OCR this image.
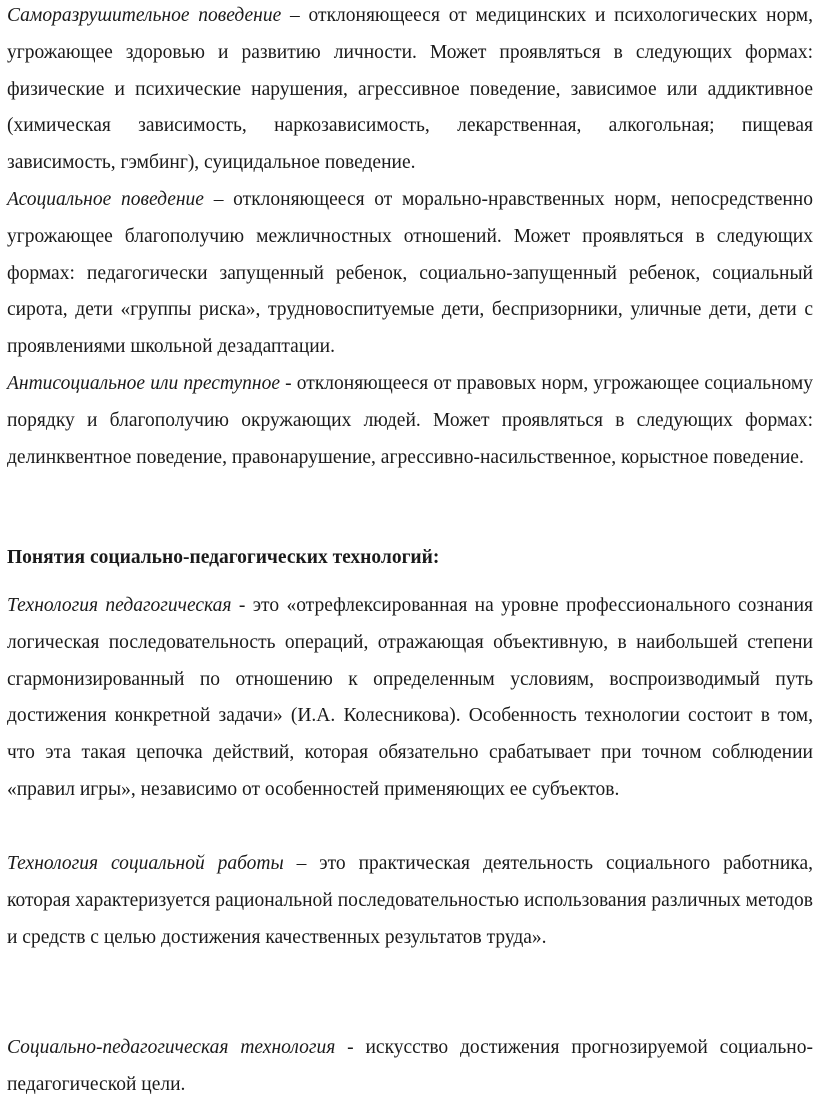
Саморазрушительное поведение – отклоняющееся от медицинских и психологических норм, угрожающее здоровью и развитию личности. Может проявляться в следующих формах: физические и психические нарушения, агрессивное поведение, зависимое или аддиктивное (химическая зависимость, наркозависимость, лекарственная, алкогольная; пищевая зависимость, гэмбинг), суицидальное поведение.

Асоциальное поведение – отклоняющееся от морально-нравственных норм, непосредственно угрожающее благополучию межличностных отношений. Может проявляться в следующих формах: педагогически запущенный ребенок, социально-запущенный ребенок, социальный сирота, дети «группы риска», трудновоспитуемые дети, беспризорники, уличные дети, дети с проявлениями школьной дезадаптации.

Антисоциальное или преступное - отклоняющееся от правовых норм, угрожающее социальному порядку и благополучию окружающих людей. Может проявляться в следующих формах: делинквентное поведение, правонарушение, агрессивно-насильственное, корыстное поведение.

Понятия социально-педагогических технологий:

Технология педагогическая - это «отрефлексированная на уровне профессионального сознания логическая последовательность операций, отражающая объективную, в наибольшей степени сгармонизированный по отношению к определенным условиям, воспроизводимый путь достижения конкретной задачи» (И.А. Колесникова). Особенность технологии состоит в том, что эта такая цепочка действий, которая обязательно срабатывает при точном соблюдении «правил игры», независимо от особенностей применяющих ее субъектов.

Технология социальной работы – это практическая деятельность социального работника, которая характеризуется рациональной последовательностью использования различных методов и средств с целью достижения качественных результатов труда».

Социально-педагогическая технология - искусство достижения прогнозируемой социально-педагогической цели.
